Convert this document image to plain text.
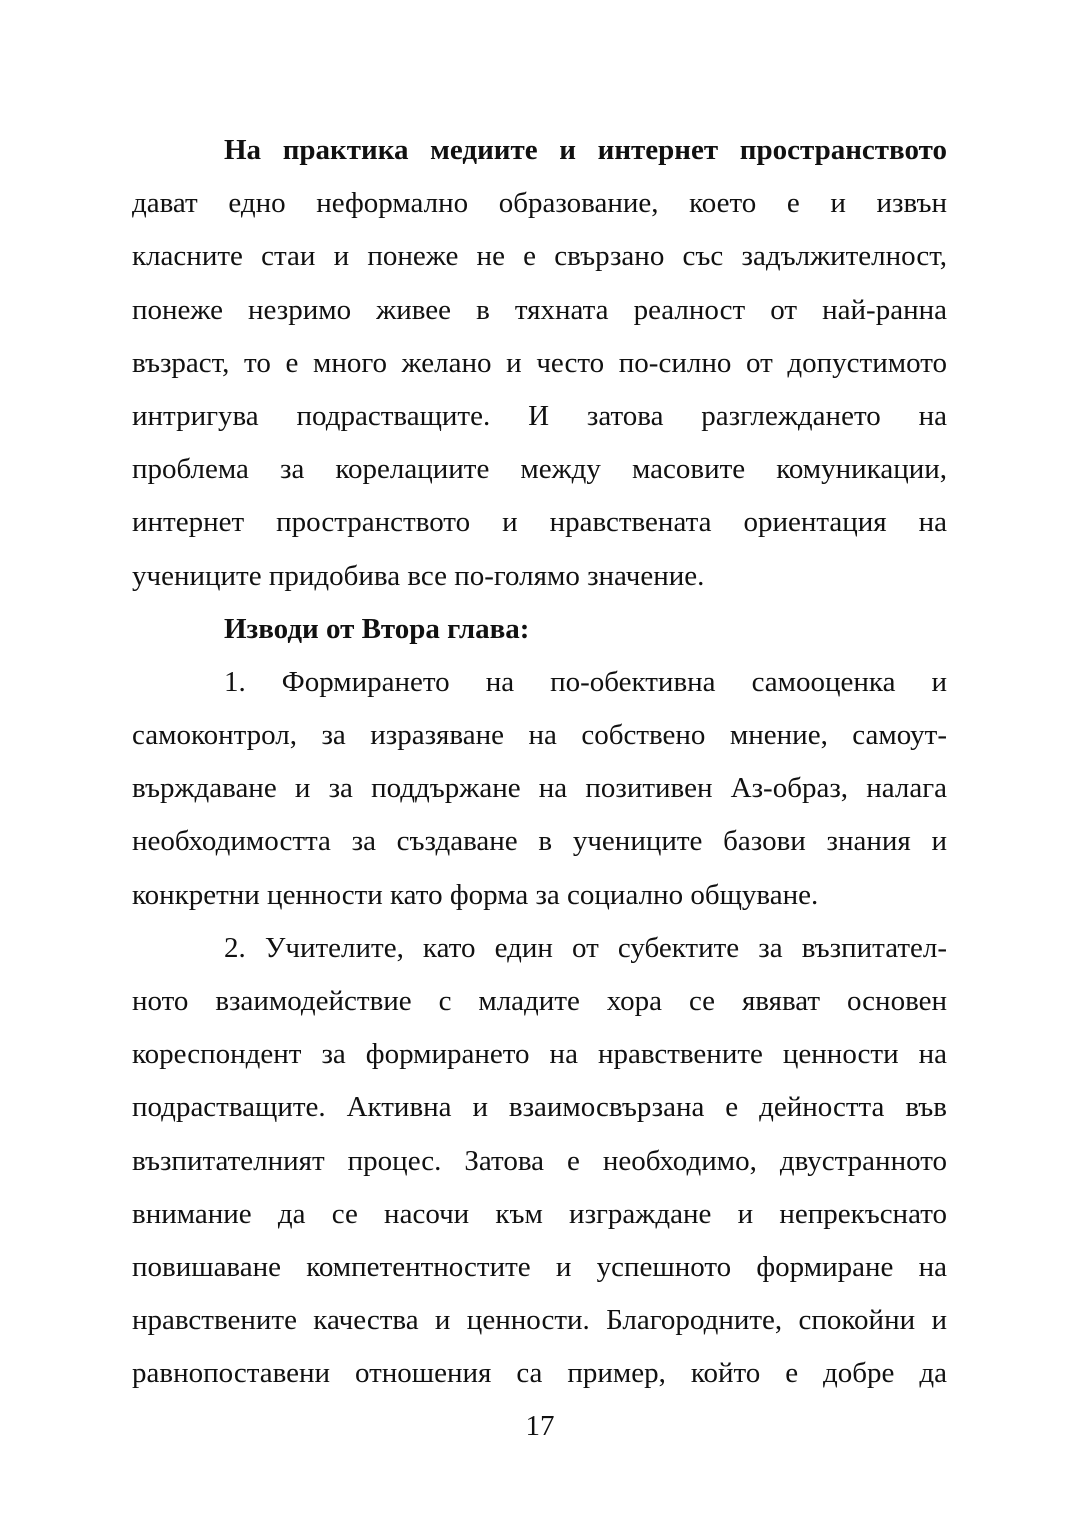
На практика медиите и интернет пространството
дават едно неформално образование, което е и извън
класните стаи и понеже не е свързано със задължителност,
понеже незримо живее в тяхната реалност от най-ранна
възраст, то е много желано и често по-силно от допустимото
интригува подрастващите. И затова разглеждането на
проблема за корелациите между масовите комуникации,
интернет пространството и нравствената ориентация на
учениците придобива все по-голямо значение.
Изводи от Втора глава:
1. Формирането на по-обективна самооценка и
самоконтрол, за изразяване на собствено мнение, самоут-
върждаване и за поддържане на позитивен Аз-образ, налага
необходимостта за създаване в учениците базови знания и
конкретни ценности като форма за социално общуване.
2. Учителите, като един от субектите за възпитател-
ното взаимодействие с младите хора се явяват основен
кореспондент за формирането на нравствените ценности на
подрастващите. Активна и взаимосвързана е дейността във
възпитателният процес. Затова е необходимо, двустранното
внимание да се насочи към изграждане и непрекъснато
повишаване компетентностите и успешното формиране на
нравствените качества и ценности. Благородните, спокойни и
равнопоставени отношения са пример, който е добре да
17
